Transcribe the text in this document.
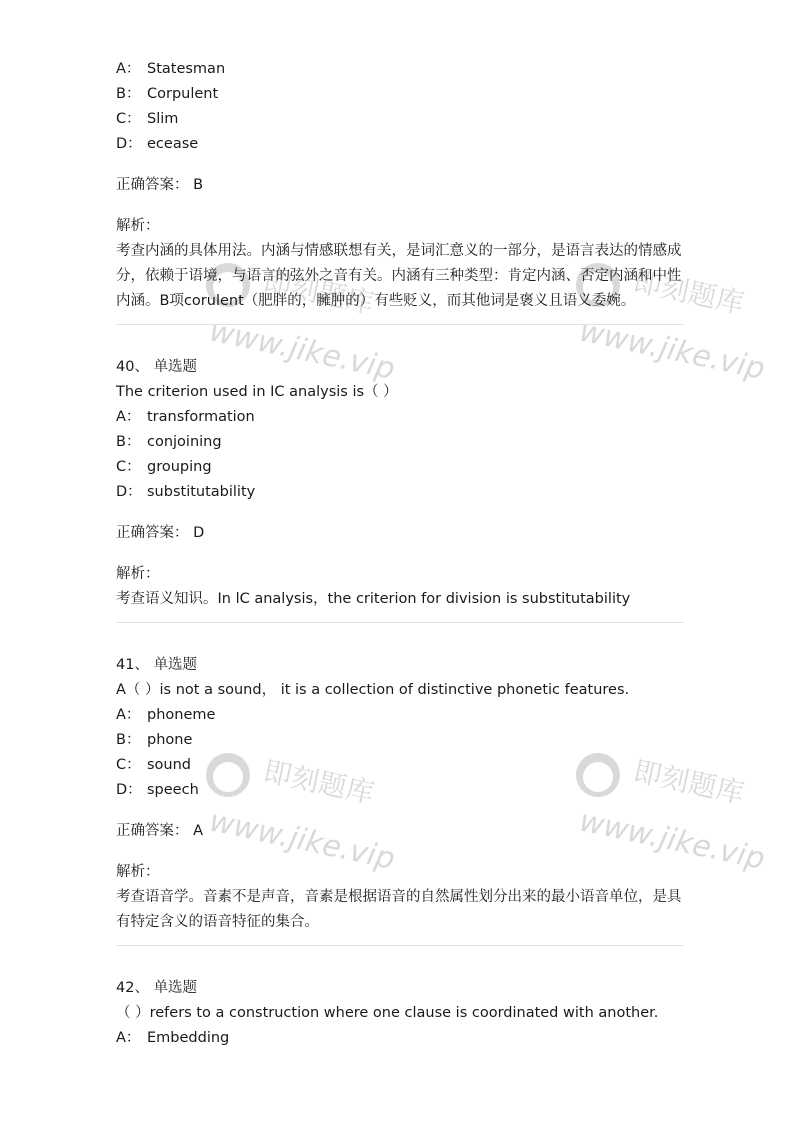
即刻题库
www.jike.vip
即刻题库
www.jike.vip
即刻题库
www.jike.vip
即刻题库
www.jike.vip
A： Statesman
B： Corpulent
C： Slim
D： ecease
正确答案： B
解析：

考查内涵的具体用法。内涵与情感联想有关，是词汇意义的一部分，是语言表达的情感成分，依赖于语境，与语言的弦外之音有关。内涵有三种类型：肯定内涵、否定内涵和中性内涵。B项corulent（肥胖的，臃肿的）有些贬义，而其他词是褒义且语义委婉。

40、 单选题
The criterion used in IC analysis is（ ）
A： transformation
B： conjoining
C： grouping
D： substitutability
正确答案： D
解析：

考查语义知识。In lC analysis，the criterion for division is substitutability

41、 单选题
A（ ）is not a sound， it is a collection of distinctive phonetic features.
A： phoneme
B： phone
C： sound
D： speech
正确答案： A
解析：

考查语音学。音素不是声音，音素是根据语音的自然属性划分出来的最小语音单位，是具有特定含义的语音特征的集合。

42、 单选题
（ ）refers to a construction where one clause is coordinated with another.
A： Embedding
